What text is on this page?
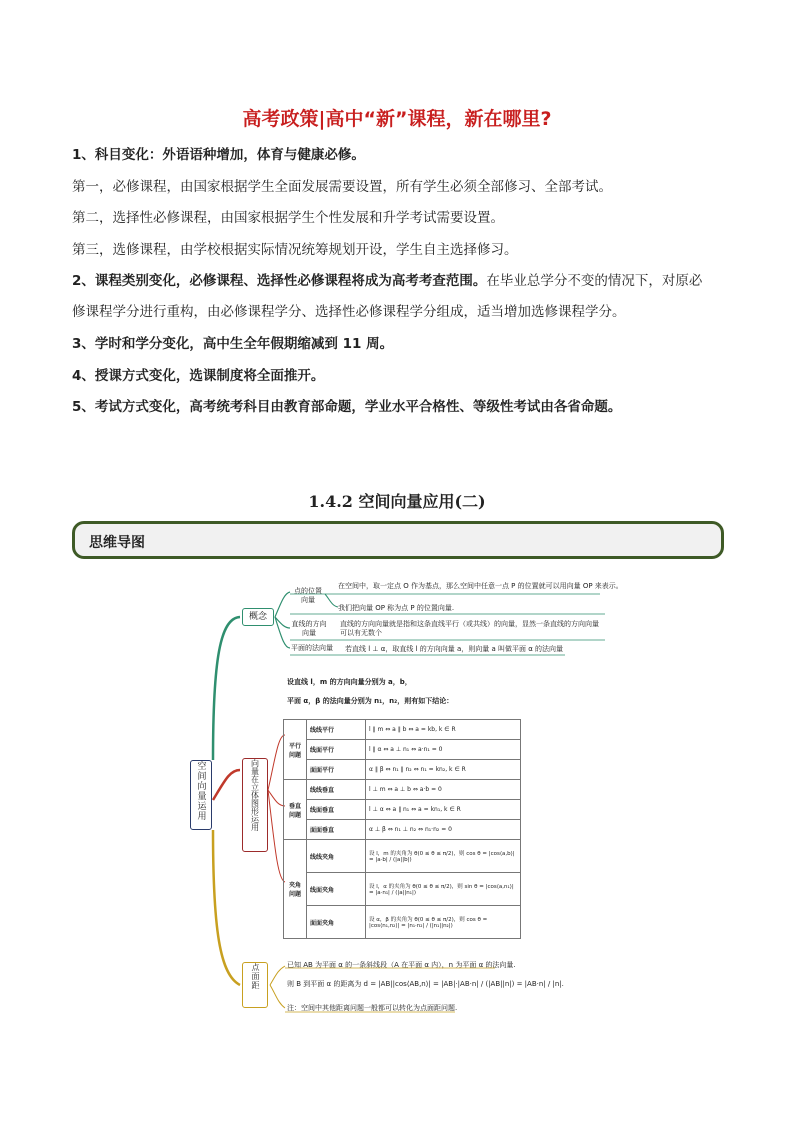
高考政策|高中“新”课程，新在哪里?
1、科目变化：外语语种增加，体育与健康必修。
第一，必修课程，由国家根据学生全面发展需要设置，所有学生必须全部修习、全部考试。
第二，选择性必修课程，由国家根据学生个性发展和升学考试需要设置。
第三，选修课程，由学校根据实际情况统筹规划开设，学生自主选择修习。
2、课程类别变化，必修课程、选择性必修课程将成为高考考查范围。在毕业总学分不变的情况下，对原必
修课程学分进行重构，由必修课程学分、选择性必修课程学分组成，适当增加选修课程学分。
3、学时和学分变化，高中生全年假期缩减到 11 周。
4、授课方式变化，选课制度将全面推开。
5、考试方式变化，高考统考科目由教育部命题，学业水平合格性、等级性考试由各省命题。
1.4.2 空间向量应用(二)
思维导图
空间向量运用
概念
点的位置向量
在空间中，取一定点 O 作为基点，那么空间中任意一点 P 的位置就可以用向量 OP 来表示。
我们把向量 OP 称为点 P 的位置向量.
直线的方向向量
直线的方向向量就是指和这条直线平行（或共线）的向量，显然一条直线的方向向量可以有无数个
平面的法向量 若直线 l ⊥ α，取直线 l 的方向向量 a，则向量 a 叫做平面 α 的法向量
向量在立体图形运用
设直线 l，m 的方向向量分别为 a，b，
平面 α，β 的法向量分别为 n₁，n₂，则有如下结论：
平行问题	线线平行	l ∥ m ⇔ a ∥ b ⇔ a = kb, k ∈ R
	线面平行	l ∥ α ⇔ a ⊥ n₁ ⇔ a·n₁ = 0
	面面平行	α ∥ β ⇔ n₁ ∥ n₂ ⇔ n₁ = kn₂, k ∈ R
垂直问题	线线垂直	l ⊥ m ⇔ a ⊥ b ⇔ a·b = 0
	线面垂直	l ⊥ α ⇔ a ∥ n₁ ⇔ a = kn₁, k ∈ R
	面面垂直	α ⊥ β ⇔ n₁ ⊥ n₂ ⇔ n₁·n₂ = 0
夹角问题	线线夹角	设 l，m 的夹角为 θ(0 ≤ θ ≤ π/2)，则 cos θ = |cos⟨a,b⟩| = |a·b| / (|a||b|)
	线面夹角	设 l，α 的夹角为 θ(0 ≤ θ ≤ π/2)，则 sin θ = |cos⟨a,n₁⟩| = |a·n₁| / (|a||n₁|)
	面面夹角	设 α，β 的夹角为 θ(0 ≤ θ ≤ π/2)，则 cos θ = |cos⟨n₁,n₂⟩| = |n₁·n₂| / (|n₁||n₂|)
点面距	已知 AB 为平面 α 的一条斜线段（A 在平面 α 内），n 为平面 α 的法向量.
则 B 到平面 α 的距离为 d = |AB||cos⟨AB,n⟩| = |AB|·|AB·n| / (|AB||n|) = |AB·n| / |n|.
注：空间中其他距离问题一般都可以转化为点面距问题.
